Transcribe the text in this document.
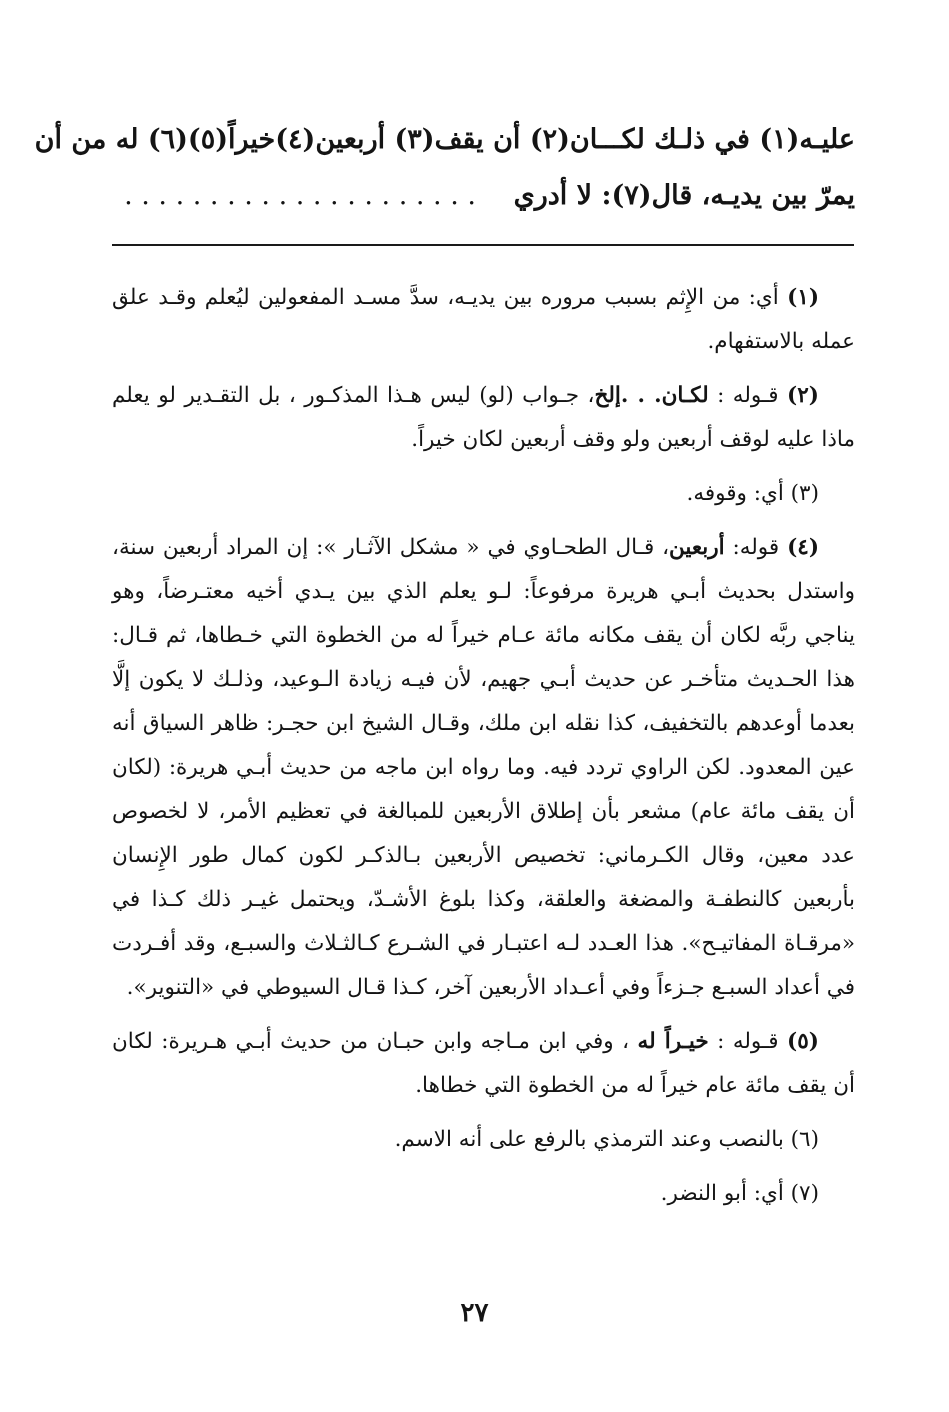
عليـه(١) في ذلـك لكـــان(٢) أن يقف(٣) أربعين(٤)خيراً(٥)(٦) له من أن
يمرّ بين يديـه، قال(٧): لا أدري    . . . . . . . . . . . . . . . . . . . . .

(١) أي: من الإِثم بسبب مروره بين يديـه، سدَّ مسـد المفعولين ليُعلم وقـد علق عمله بالاستفهام.

(٢) قـوله : لكـان. . .إلخ، جـواب (لو) ليس هـذا المذكـور ، بل التقـدير لو يعلم ماذا عليه لوقف أربعين ولو وقف أربعين لكان خيراً.

(٣) أي: وقوفه.

(٤) قوله: أربعين، قـال الطحـاوي في « مشكل الآثـار »: إن المراد أربعين سنة، واستدل بحديث أبـي هريرة مرفوعاً: لـو يعلم الذي بين يـدي أخيه معتـرضاً، وهو يناجي ربَّه لكان أن يقف مكانه مائة عـام خيراً له من الخطوة التي خـطاها، ثم قـال: هذا الحـديث متأخـر عن حديث أبـي جهيم، لأن فيـه زيادة الـوعيد، وذلـك لا يكون إلَّا بعدما أوعدهم بالتخفيف، كذا نقله ابن ملك، وقـال الشيخ ابن حجـر: ظاهر السياق أنه عين المعدود. لكن الراوي تردد فيه. وما رواه ابن ماجه من حديث أبـي هريرة: (لكان أن يقف مائة عام) مشعر بأن إطلاق الأربعين للمبالغة في تعظيم الأمر، لا لخصوص عدد معين، وقال الكـرماني: تخصيص الأربعين بـالذكـر لكون كمال طور الإِنسان بأربعين كالنطفـة والمضغة والعلقة، وكذا بلوغ الأشـدّ، ويحتمل غيـر ذلك كـذا في «مرقـاة المفاتيـح». هذا العـدد لـه اعتبـار في الشـرع كـالثـلاث والسبـع، وقد أفـردت في أعداد السبـع جـزءاً وفي أعـداد الأربعين آخر، كـذا قـال السيوطي في «التنوير».

(٥) قـوله : خيـراً له ، وفي ابن مـاجه وابن حبـان من حديث أبـي هـريرة: لكان أن يقف مائة عام خيراً له من الخطوة التي خطاها.

(٦) بالنصب وعند الترمذي بالرفع على أنه الاسم.

(٧) أي: أبو النضر.

٢٧
